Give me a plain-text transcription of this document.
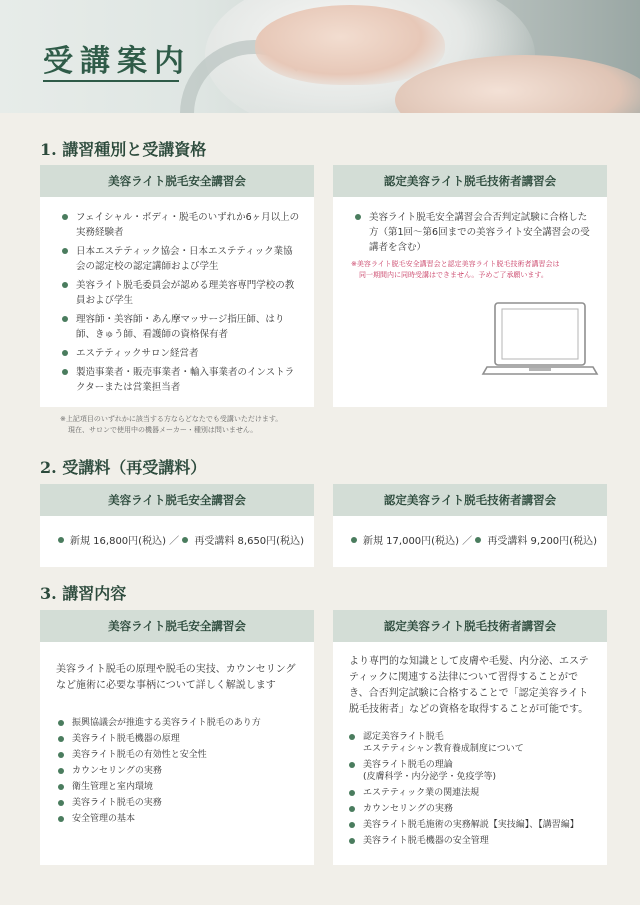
受講案内
1. 講習種別と受講資格
美容ライト脱毛安全講習会
フェイシャル・ボディ・脱毛のいずれか6ヶ月以上の実務経験者
日本エステティック協会・日本エステティック業協会の認定校の認定講師および学生
美容ライト脱毛委員会が認める理美容専門学校の教員および学生
理容師・美容師・あん摩マッサージ指圧師、はり師、きゅう師、看護師の資格保有者
エステティックサロン経営者
製造事業者・販売事業者・輸入事業者のインストラクターまたは営業担当者

※上記項目のいずれかに該当する方ならどなたでも受講いただけます。

現在、サロンで使用中の機器メーカー・種別は問いません。

認定美容ライト脱毛技術者講習会
美容ライト脱毛安全講習会合否判定試験に合格した方（第1回〜第6回までの美容ライト安全講習会の受講者を含む）

※美容ライト脱毛安全講習会と認定美容ライト脱毛技術者講習会は

同一期間内に同時受講はできません。予めご了承願います。

2. 受講料（再受講料）
美容ライト脱毛安全講習会
新規 16,800円(税込) ／ 再受講料 8,650円(税込)
認定美容ライト脱毛技術者講習会
新規 17,000円(税込) ／ 再受講料 9,200円(税込)
3. 講習内容
美容ライト脱毛安全講習会

美容ライト脱毛の原理や脱毛の実技、カウンセリングなど施術に必要な事柄について詳しく解説します

振興協議会が推進する美容ライト脱毛のあり方
美容ライト脱毛機器の原理
美容ライト脱毛の有効性と安全性
カウンセリングの実務
衛生管理と室内環境
美容ライト脱毛の実務
安全管理の基本
認定美容ライト脱毛技術者講習会

より専門的な知識として皮膚や毛髪、内分泌、エステティックに関連する法律について習得することができ、合否判定試験に合格することで「認定美容ライト脱毛技術者」などの資格を取得することが可能です。

認定美容ライト脱毛
エステティシャン教育養成制度について
美容ライト脱毛の理論
(皮膚科学・内分泌学・免疫学等)
エステティック業の関連法規
カウンセリングの実務
美容ライト脱毛施術の実務解説【実技編】、【講習編】
美容ライト脱毛機器の安全管理
